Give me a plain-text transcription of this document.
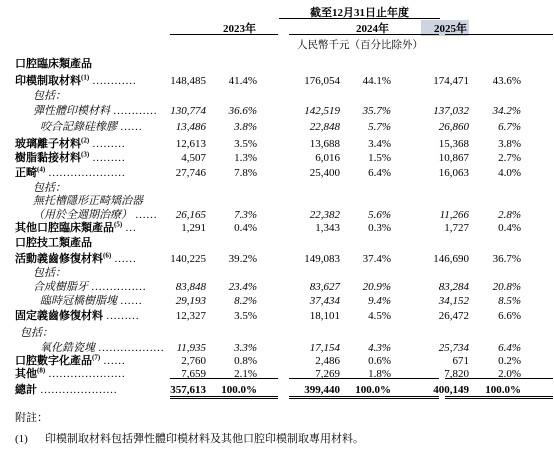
截至12月31日止年度
2023年	2024年	2025年
人民幣千元（百分比除外）
口腔臨床類產品
印模制取材料$^{(1)}$ …………	148,485	41.4%	176,054	44.1%	174,471	43.6%
包括：
彈性體印模材料 …………	130,774	36.6%	142,519	35.7%	137,032	34.2%
咬合記錄硅橡膠 ……	13,486	3.8%	22,848	5.7%	26,860	6.7%
玻璃離子材料$^{(2)}$ ………	12,613	3.5%	13,688	3.4%	15,368	3.8%
樹脂黏接材料$^{(3)}$ ………	4,507	1.3%	6,016	1.5%	10,867	2.7%
正畸$^{(4)}$ …………………	27,746	7.8%	25,400	6.4%	16,063	4.0%
包括：
無托槽隱形正畸矯治器
（用於全週期治療） ……	26,165	7.3%	22,382	5.6%	11,266	2.8%
其他口腔臨床類產品$^{(5)}$ …	1,291	0.4%	1,343	0.3%	1,727	0.4%
口腔技工類產品
活動義齒修復材料$^{(6)}$ ……	140,225	39.2%	149,083	37.4%	146,690	36.7%
包括：
合成樹脂牙 ……………	83,848	23.4%	83,627	20.9%	83,284	20.8%
臨時冠橋樹脂塊 ……	29,193	8.2%	37,434	9.4%	34,152	8.5%
固定義齒修復材料 ………	12,327	3.5%	18,101	4.5%	26,472	6.6%
包括：
氧化鋯瓷塊 ………………	11,935	3.3%	17,154	4.3%	25,734	6.4%
口腔數字化產品$^{(7)}$ ……	2,760	0.8%	2,486	0.6%	671	0.2%
其他$^{(8)}$ …………………	7,659	2.1%	7,269	1.8%	7,820	2.0%
總計 …………………	357,613	100.0%	399,440	100.0%	400,149	100.0%
附註：
(1) 印模制取材料包括彈性體印模材料及其他口腔印模制取專用材料。
